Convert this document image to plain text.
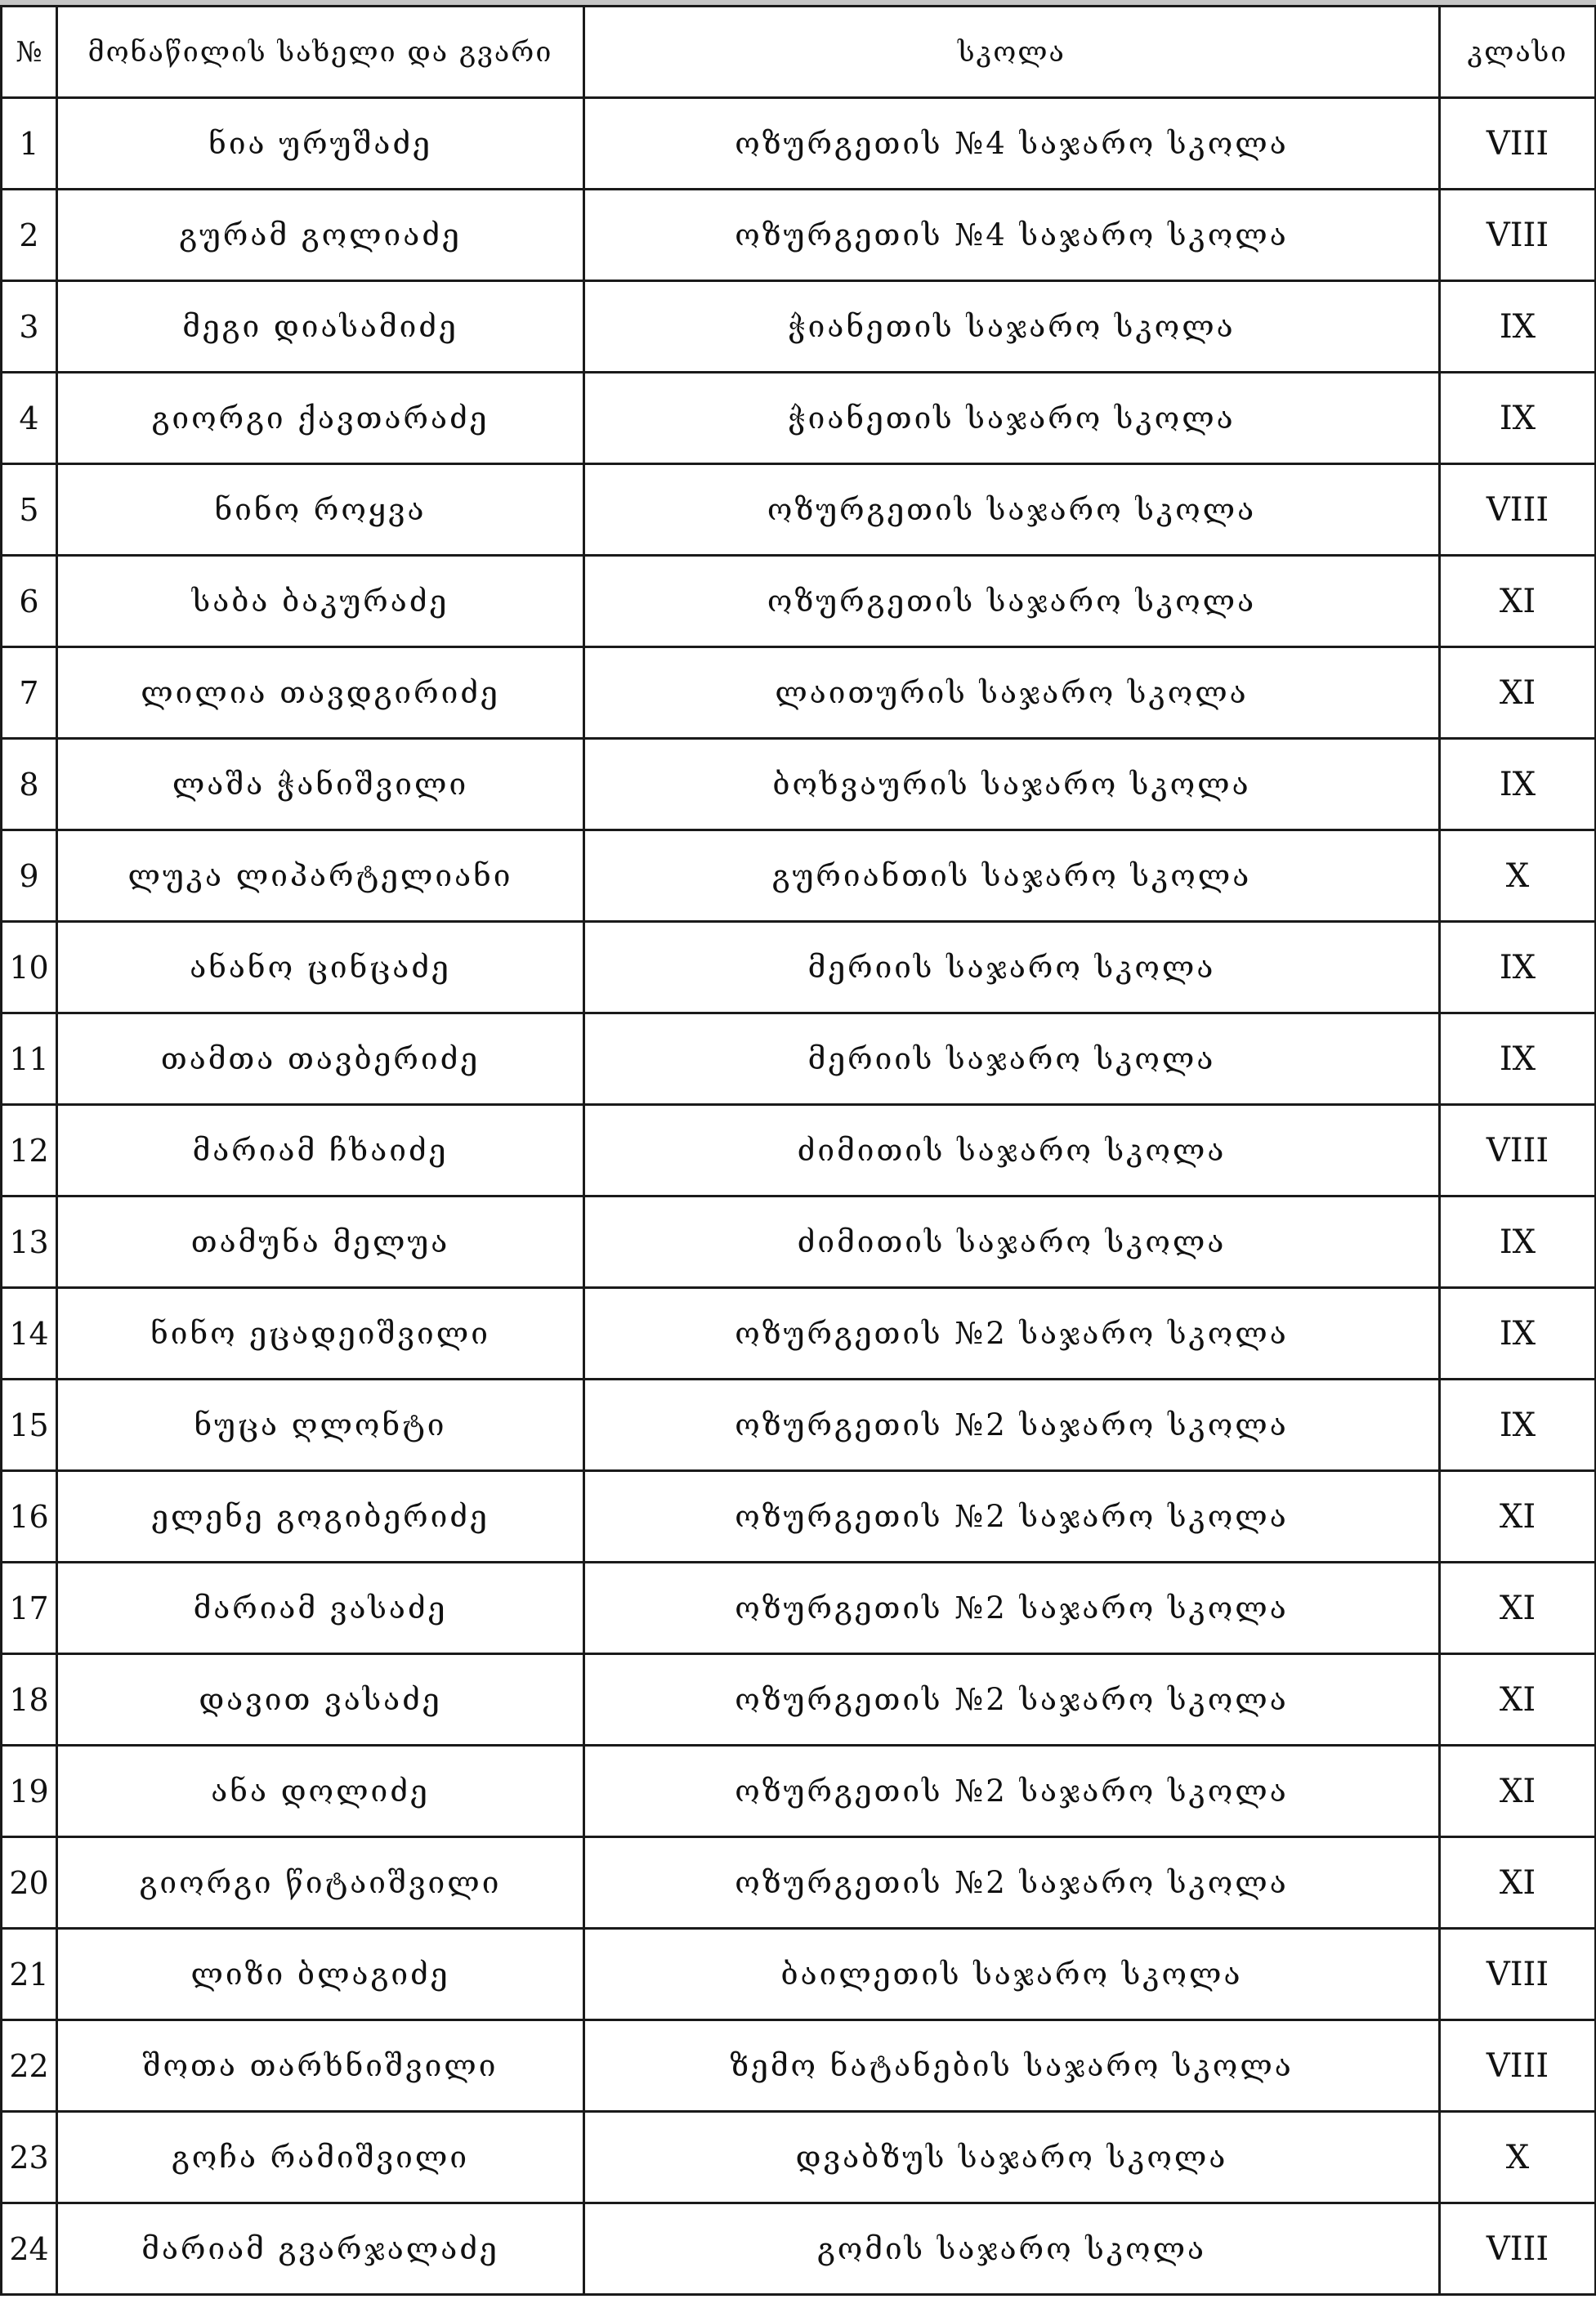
№	მონაწილის სახელი და გვარი	სკოლა	კლასი
1	ნია ურუშაძე	ოზურგეთის №4 საჯარო სკოლა	VIII
2	გურამ გოლიაძე	ოზურგეთის №4 საჯარო სკოლა	VIII
3	მეგი დიასამიძე	ჭიანეთის საჯარო სკოლა	IX
4	გიორგი ქავთარაძე	ჭიანეთის საჯარო სკოლა	IX
5	ნინო როყვა	ოზურგეთის საჯარო სკოლა	VIII
6	საბა ბაკურაძე	ოზურგეთის საჯარო სკოლა	XI
7	ლილია თავდგირიძე	ლაითურის საჯარო სკოლა	XI
8	ლაშა ჭანიშვილი	ბოხვაურის საჯარო სკოლა	IX
9	ლუკა ლიპარტელიანი	გურიანთის საჯარო სკოლა	X
10	ანანო ცინცაძე	მერიის საჯარო სკოლა	IX
11	თამთა თავბერიძე	მერიის საჯარო სკოლა	IX
12	მარიამ ჩხაიძე	ძიმითის საჯარო სკოლა	VIII
13	თამუნა მელუა	ძიმითის საჯარო სკოლა	IX
14	ნინო ეცადეიშვილი	ოზურგეთის №2 საჯარო სკოლა	IX
15	ნუცა ღლონტი	ოზურგეთის №2 საჯარო სკოლა	IX
16	ელენე გოგიბერიძე	ოზურგეთის №2 საჯარო სკოლა	XI
17	მარიამ ვასაძე	ოზურგეთის №2 საჯარო სკოლა	XI
18	დავით ვასაძე	ოზურგეთის №2 საჯარო სკოლა	XI
19	ანა დოლიძე	ოზურგეთის №2 საჯარო სკოლა	XI
20	გიორგი წიტაიშვილი	ოზურგეთის №2 საჯარო სკოლა	XI
21	ლიზი ბლაგიძე	ბაილეთის საჯარო სკოლა	VIII
22	შოთა თარხნიშვილი	ზემო ნატანების საჯარო სკოლა	VIII
23	გოჩა რამიშვილი	დვაბზუს საჯარო სკოლა	X
24	მარიამ გვარჯალაძე	გომის საჯარო სკოლა	VIII
